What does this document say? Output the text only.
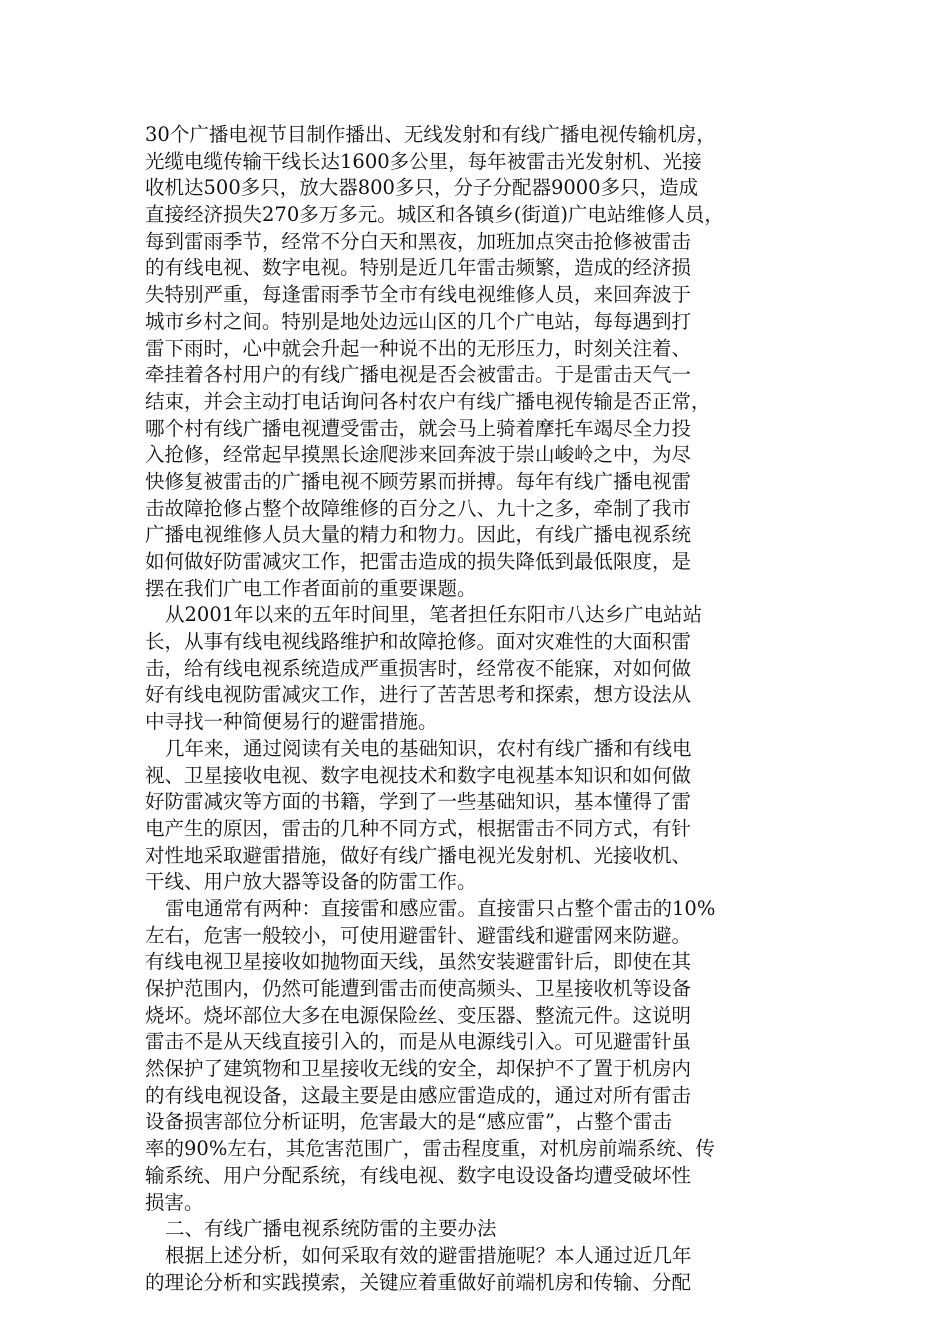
30个广播电视节目制作播出、无线发射和有线广播电视传输机房，
光缆电缆传输干线长达1600多公里，每年被雷击光发射机、光接
收机达500多只，放大器800多只，分子分配器9000多只，造成
直接经济损失270多万多元。城区和各镇乡(街道)广电站维修人员，
每到雷雨季节，经常不分白天和黑夜，加班加点突击抢修被雷击
的有线电视、数字电视。特别是近几年雷击频繁，造成的经济损
失特别严重，每逢雷雨季节全市有线电视维修人员，来回奔波于
城市乡村之间。特别是地处边远山区的几个广电站，每每遇到打
雷下雨时，心中就会升起一种说不出的无形压力，时刻关注着、
牵挂着各村用户的有线广播电视是否会被雷击。于是雷击天气一
结束，并会主动打电话询问各村农户有线广播电视传输是否正常，
哪个村有线广播电视遭受雷击，就会马上骑着摩托车竭尽全力投
入抢修，经常起早摸黑长途爬涉来回奔波于崇山峻岭之中，为尽
快修复被雷击的广播电视不顾劳累而拼搏。每年有线广播电视雷
击故障抢修占整个故障维修的百分之八、九十之多，牵制了我市
广播电视维修人员大量的精力和物力。因此，有线广播电视系统
如何做好防雷减灾工作，把雷击造成的损失降低到最低限度，是
摆在我们广电工作者面前的重要课题。
从2001年以来的五年时间里，笔者担任东阳市八达乡广电站站
长，从事有线电视线路维护和故障抢修。面对灾难性的大面积雷
击，给有线电视系统造成严重损害时，经常夜不能寐，对如何做
好有线电视防雷减灾工作，进行了苦苦思考和探索，想方设法从
中寻找一种简便易行的避雷措施。
几年来，通过阅读有关电的基础知识，农村有线广播和有线电
视、卫星接收电视、数字电视技术和数字电视基本知识和如何做
好防雷减灾等方面的书籍，学到了一些基础知识，基本懂得了雷
电产生的原因，雷击的几种不同方式，根据雷击不同方式，有针
对性地采取避雷措施，做好有线广播电视光发射机、光接收机、
干线、用户放大器等设备的防雷工作。
雷电通常有两种：直接雷和感应雷。直接雷只占整个雷击的10%
左右，危害一般较小，可使用避雷针、避雷线和避雷网来防避。
有线电视卫星接收如抛物面天线，虽然安装避雷针后，即使在其
保护范围内，仍然可能遭到雷击而使高频头、卫星接收机等设备
烧坏。烧坏部位大多在电源保险丝、变压器、整流元件。这说明
雷击不是从天线直接引入的，而是从电源线引入。可见避雷针虽
然保护了建筑物和卫星接收无线的安全，却保护不了置于机房内
的有线电视设备，这最主要是由感应雷造成的，通过对所有雷击
设备损害部位分析证明，危害最大的是“感应雷”，占整个雷击
率的90%左右，其危害范围广，雷击程度重，对机房前端系统、传
输系统、用户分配系统，有线电视、数字电设设备均遭受破坏性
损害。
二、有线广播电视系统防雷的主要办法
根据上述分析，如何采取有效的避雷措施呢？本人通过近几年
的理论分析和实践摸索，关键应着重做好前端机房和传输、分配
